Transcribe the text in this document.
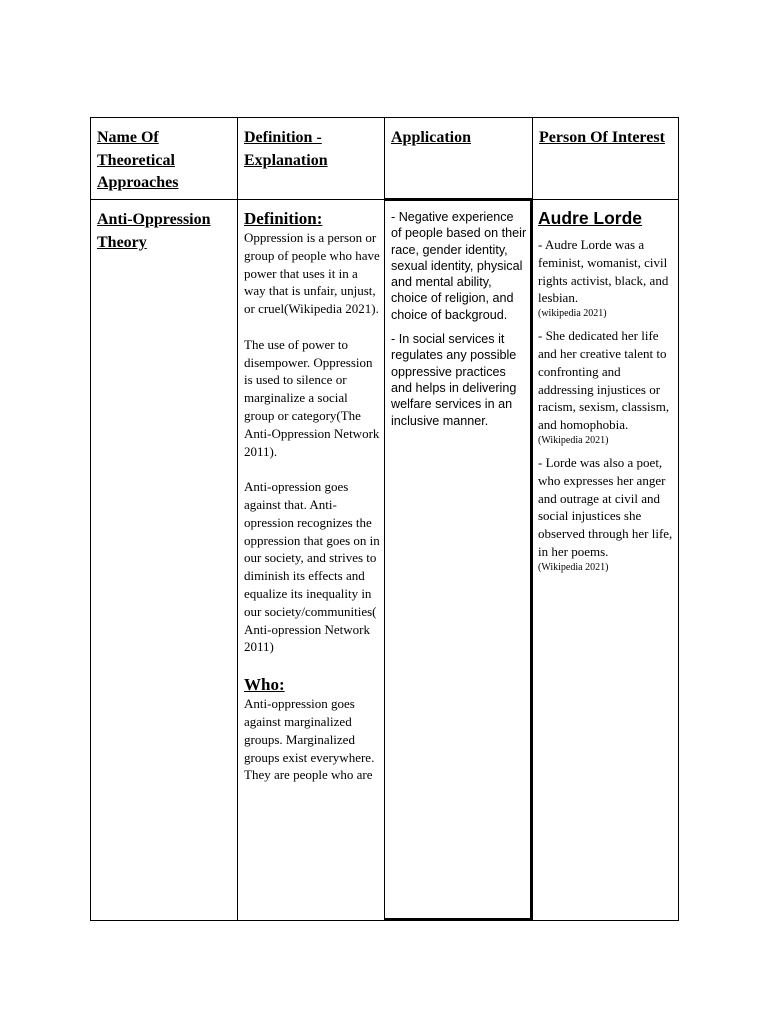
Name Of Theoretical Approaches
Definition - Explanation
Application	Person Of Interest
Anti-Oppression Theory

Definition:

Oppression is a person or group of people who have power that uses it in a way that is unfair, unjust, or cruel(Wikipedia 2021).

The use of power to disempower. Oppression is used to silence or marginalize a social group or category(The Anti-Oppression Network 2011).

Anti-opression goes against that. Anti-opression recognizes the oppression that goes on in our society, and strives to diminish its effects and equalize its inequality in our society/communities( Anti-opression Network 2011)

Who:

Anti-oppression goes against marginalized groups. Marginalized groups exist everywhere. They are people who are

- Negative experience of people based on their race, gender identity, sexual identity, physical and mental ability, choice of religion, and choice of backgroud.

- In social services it regulates any possible oppressive practices and helps in delivering welfare services in an inclusive manner.

Audre Lorde

- Audre Lorde was a feminist, womanist, civil rights activist, black, and lesbian.

(wikipedia 2021)

- She dedicated her life and her creative talent to confronting and addressing injustices or racism, sexism, classism, and homophobia.

(Wikipedia 2021)

- Lorde was also a poet, who expresses her anger and outrage at civil and social injustices she observed through her life, in her poems.

(Wikipedia 2021)
